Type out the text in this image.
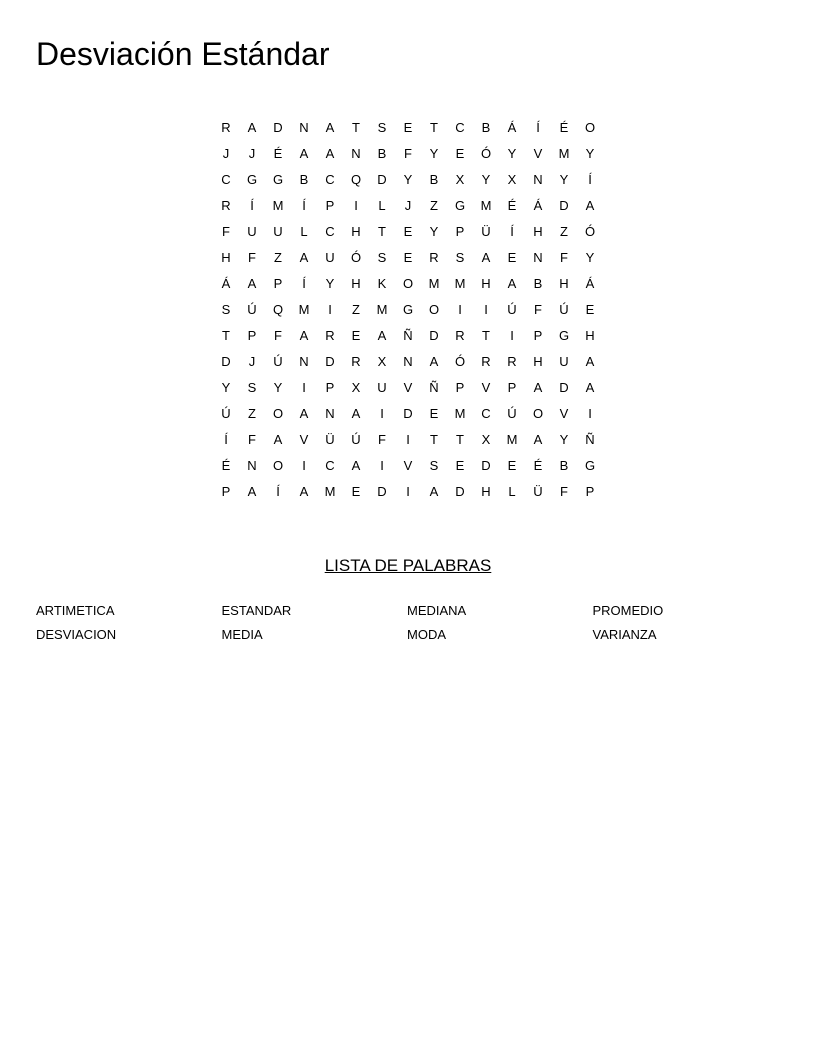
Desviación Estándar
R	A	D	N	A	T	S	E	T	C	B	Á	Í	É	O
J	J	É	A	A	N	B	F	Y	E	Ó	Y	V	M	Y
C	G	G	B	C	Q	D	Y	B	X	Y	X	N	Y	Í
R	Í	M	Í	P	I	L	J	Z	G	M	É	Á	D	A
F	U	U	L	C	H	T	E	Y	P	Ü	Í	H	Z	Ó
H	F	Z	A	U	Ó	S	E	R	S	A	E	N	F	Y
Á	A	P	Í	Y	H	K	O	M	M	H	A	B	H	Á
S	Ú	Q	M	I	Z	M	G	O	I	I	Ú	F	Ú	E
T	P	F	A	R	E	A	Ñ	D	R	T	I	P	G	H
D	J	Ú	N	D	R	X	N	A	Ó	R	R	H	U	A
Y	S	Y	I	P	X	U	V	Ñ	P	V	P	A	D	A
Ú	Z	O	A	N	A	I	D	E	M	C	Ú	O	V	I
Í	F	A	V	Ü	Ú	F	I	T	T	X	M	A	Y	Ñ
É	N	O	I	C	A	I	V	S	E	D	E	É	B	G
P	A	Í	A	M	E	D	I	A	D	H	L	Ü	F	P
LISTA DE PALABRAS
ARTIMETICA	ESTANDAR	MEDIANA	PROMEDIO
DESVIACION	MEDIA	MODA	VARIANZA
